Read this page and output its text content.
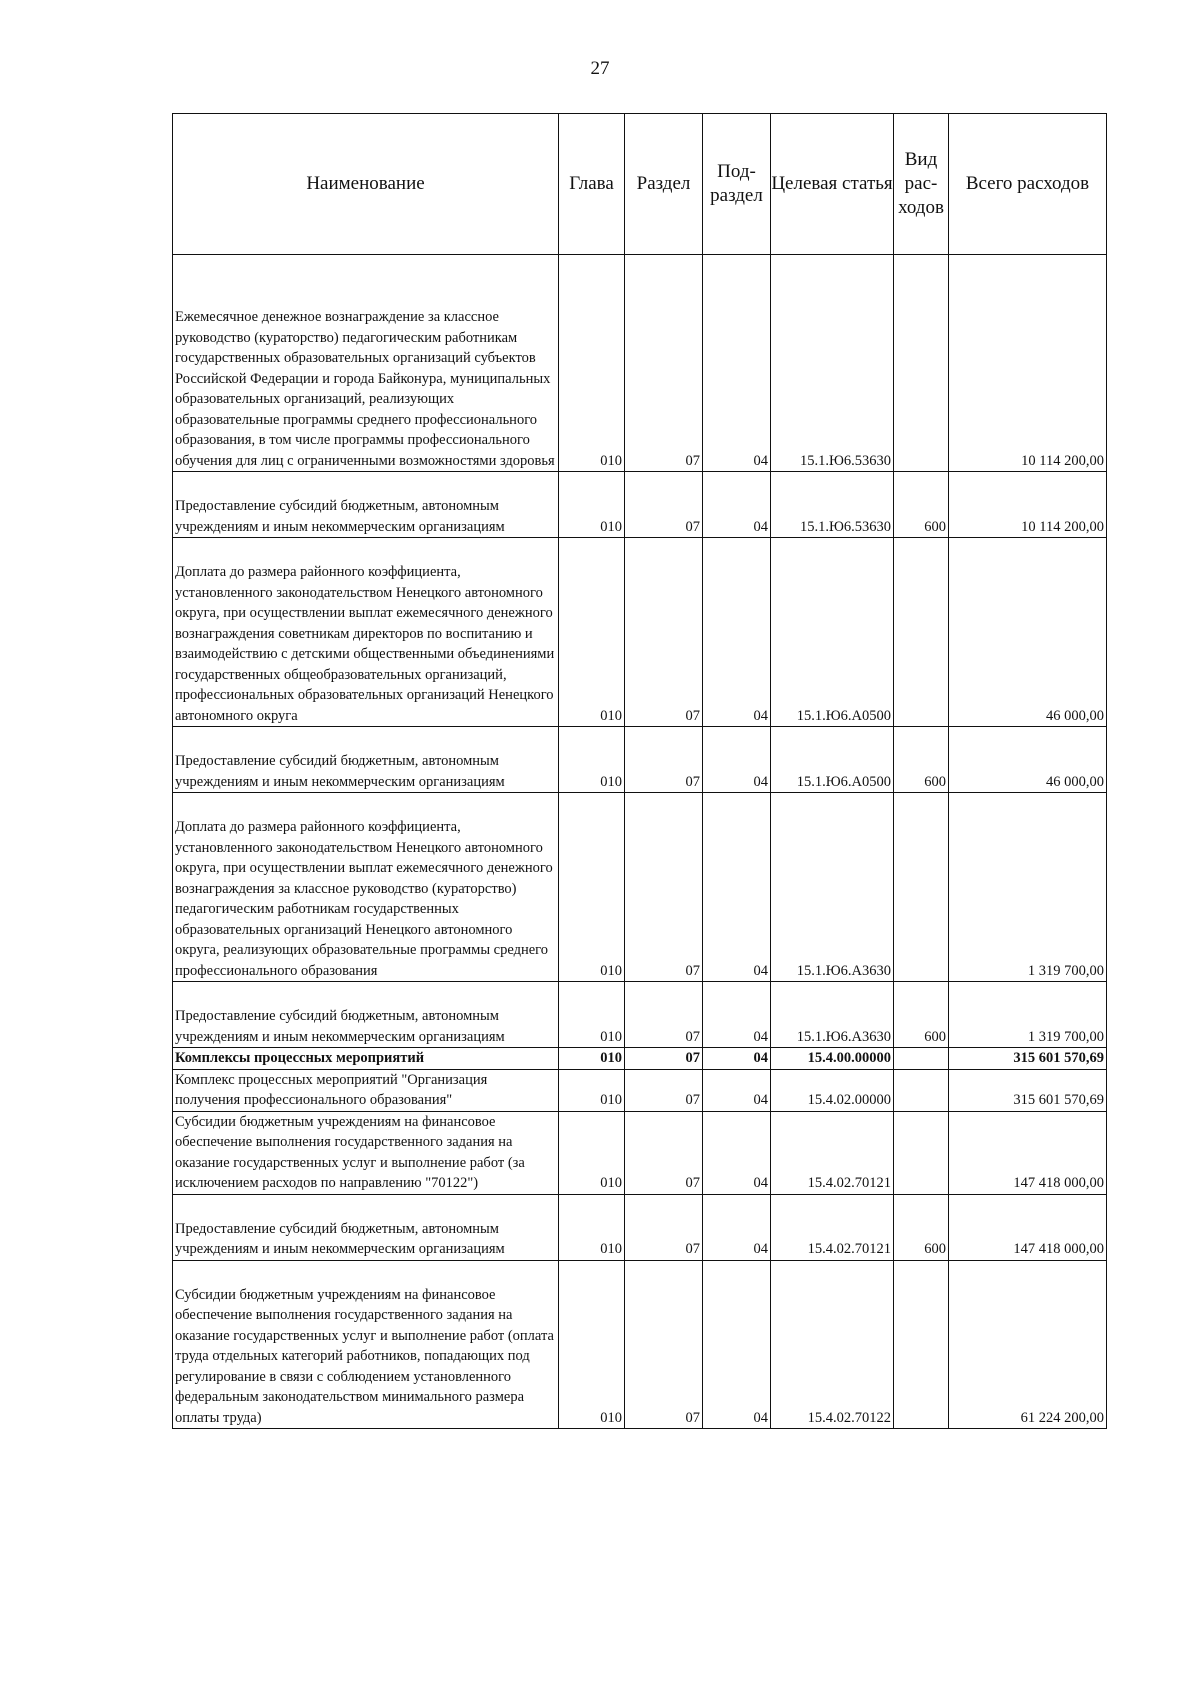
27
Наименование	Глава	Раздел	Под-раздел	Целевая статья	Вид рас-ходов	Всего расходов
Ежемесячное денежное вознаграждение за классное руководство (кураторство) педагогическим работникам государственных образовательных организаций субъектов Российской Федерации и города Байконура, муниципальных образовательных организаций, реализующих образовательные программы среднего профессионального образования, в том числе программы профессионального обучения для лиц с ограниченными возможностями здоровья	010	07	04	15.1.Ю6.53630		10 114 200,00
Предоставление субсидий бюджетным, автономным учреждениям и иным некоммерческим организациям	010	07	04	15.1.Ю6.53630	600	10 114 200,00
Доплата до размера районного коэффициента, установленного законодательством Ненецкого автономного округа, при осуществлении выплат ежемесячного денежного вознаграждения советникам директоров по воспитанию и взаимодействию с детскими общественными объединениями государственных общеобразовательных организаций, профессиональных образовательных организаций Ненецкого автономного округа	010	07	04	15.1.Ю6.А0500		46 000,00
Предоставление субсидий бюджетным, автономным учреждениям и иным некоммерческим организациям	010	07	04	15.1.Ю6.А0500	600	46 000,00
Доплата до размера районного коэффициента, установленного законодательством Ненецкого автономного округа, при осуществлении выплат ежемесячного денежного вознаграждения за классное руководство (кураторство) педагогическим работникам государственных образовательных организаций Ненецкого автономного округа, реализующих образовательные программы среднего профессионального образования	010	07	04	15.1.Ю6.А3630		1 319 700,00
Предоставление субсидий бюджетным, автономным учреждениям и иным некоммерческим организациям	010	07	04	15.1.Ю6.А3630	600	1 319 700,00
Комплексы процессных мероприятий	010	07	04	15.4.00.00000		315 601 570,69
Комплекс процессных мероприятий "Организация получения профессионального образования"	010	07	04	15.4.02.00000		315 601 570,69
Субсидии бюджетным учреждениям на финансовое обеспечение выполнения государственного задания на оказание государственных услуг и выполнение работ (за исключением расходов по направлению "70122")	010	07	04	15.4.02.70121		147 418 000,00
Предоставление субсидий бюджетным, автономным учреждениям и иным некоммерческим организациям	010	07	04	15.4.02.70121	600	147 418 000,00
Субсидии бюджетным учреждениям на финансовое обеспечение выполнения государственного задания на оказание государственных услуг и выполнение работ (оплата труда отдельных категорий работников, попадающих под регулирование в связи с соблюдением установленного федеральным законодательством минимального размера оплаты труда)	010	07	04	15.4.02.70122		61 224 200,00
